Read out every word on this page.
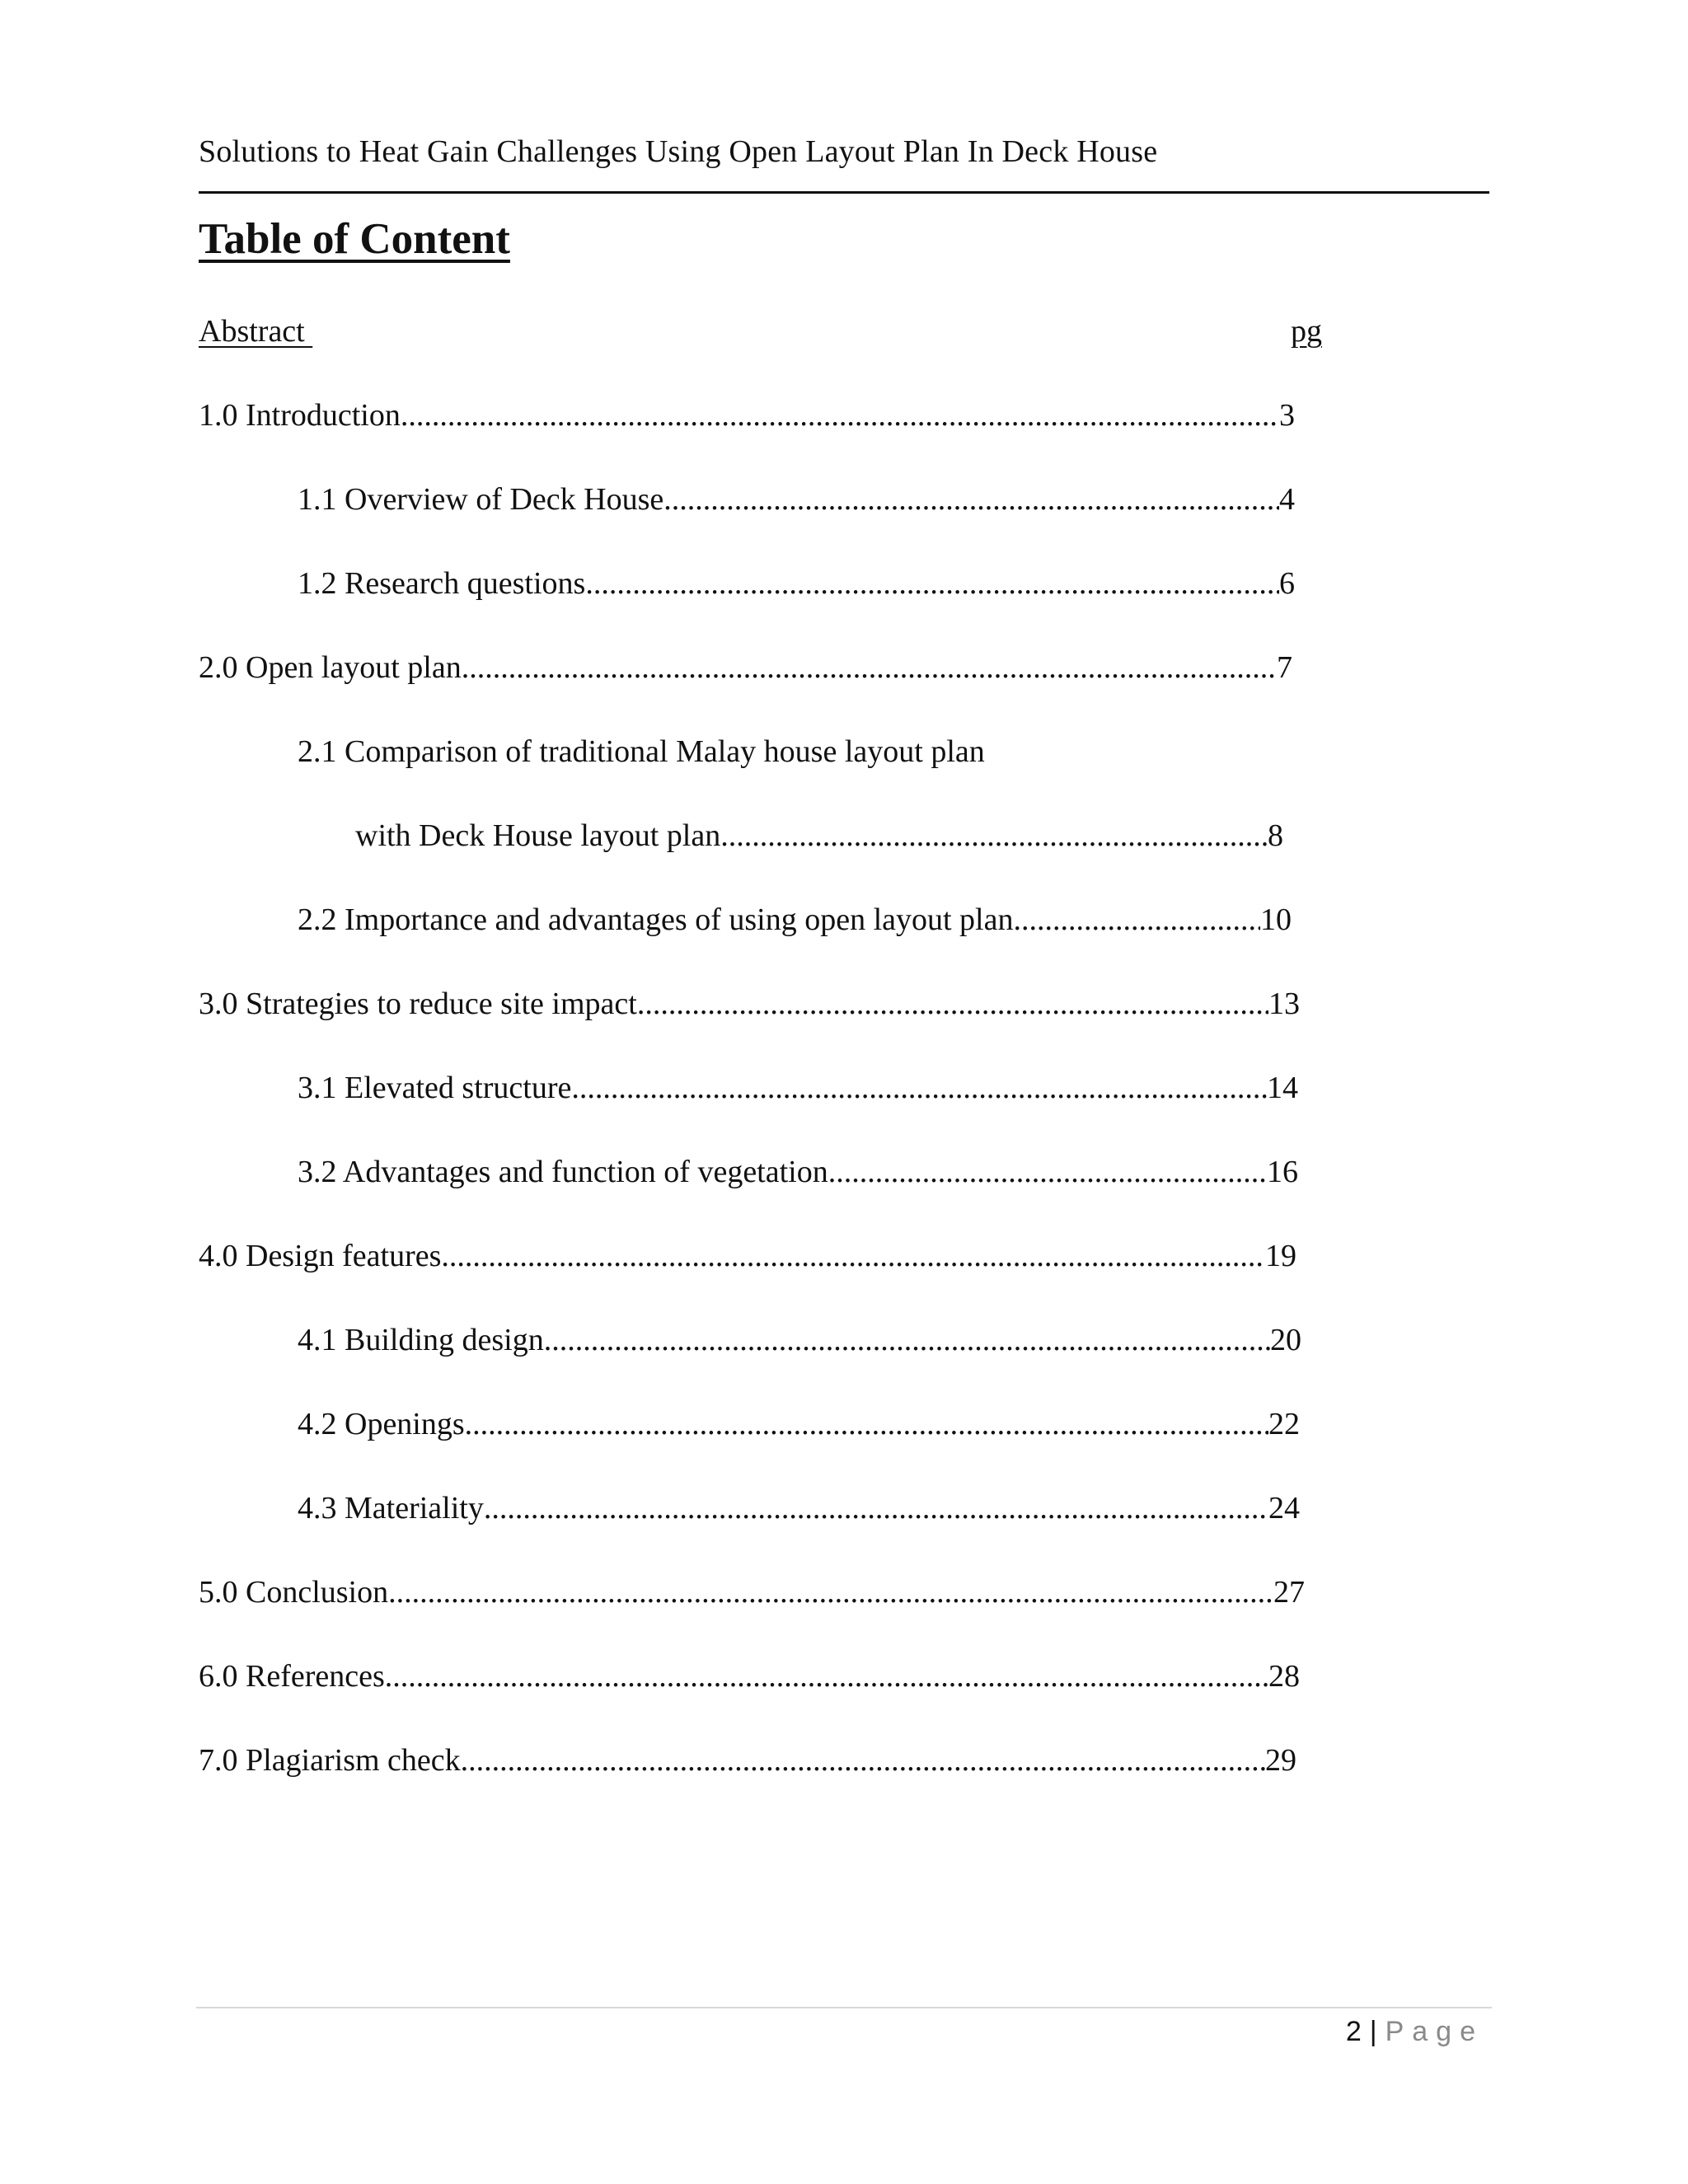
Solutions to Heat Gain Challenges Using Open Layout Plan In Deck House
Table of Content
Abstract	pg
1.0 Introduction .....	3
1.1 Overview of Deck House .....	4
1.2 Research questions .....	6
2.0 Open layout plan .....	7
2.1 Comparison of traditional Malay house layout plan
with Deck House layout plan .....	8
2.2 Importance and advantages of using open layout plan .....	10
3.0 Strategies to reduce site impact .....	13
3.1 Elevated structure .....	14
3.2 Advantages and function of vegetation .....	16
4.0 Design features .....	19
4.1 Building design .....	20
4.2 Openings .....	22
4.3 Materiality .....	24
5.0 Conclusion .....	27
6.0 References .....	28
7.0 Plagiarism check .....	29
2 | Page
